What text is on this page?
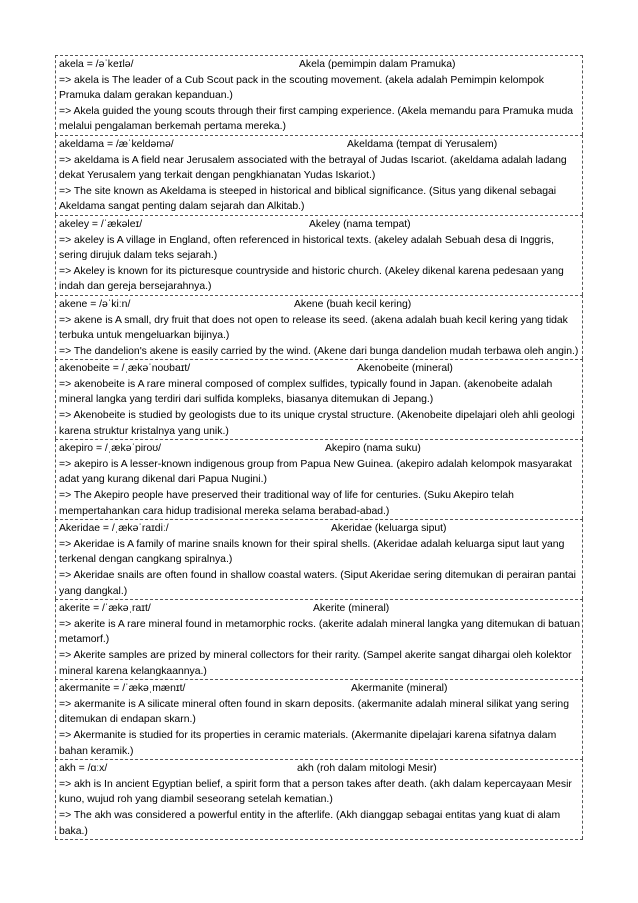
akela = /əˈkeɪlə/	Akela (pemimpin dalam Pramuka)

=> akela is The leader of a Cub Scout pack in the scouting movement. (akela adalah Pemimpin kelompok Pramuka dalam gerakan kepanduan.)

=> Akela guided the young scouts through their first camping experience. (Akela memandu para Pramuka muda melalui pengalaman berkemah pertama mereka.)

akeldama = /æˈkeldəmə/	Akeldama (tempat di Yerusalem)

=> akeldama is A field near Jerusalem associated with the betrayal of Judas Iscariot. (akeldama adalah ladang dekat Yerusalem yang terkait dengan pengkhianatan Yudas Iskariot.)

=> The site known as Akeldama is steeped in historical and biblical significance. (Situs yang dikenal sebagai Akeldama sangat penting dalam sejarah dan Alkitab.)

akeley = /ˈækəleɪ/	Akeley (nama tempat)

=> akeley is A village in England, often referenced in historical texts. (akeley adalah Sebuah desa di Inggris, sering dirujuk dalam teks sejarah.)

=> Akeley is known for its picturesque countryside and historic church. (Akeley dikenal karena pedesaan yang indah dan gereja bersejarahnya.)

akene = /əˈkiːn/	Akene (buah kecil kering)

=> akene is A small, dry fruit that does not open to release its seed. (akena adalah buah kecil kering yang tidak terbuka untuk mengeluarkan bijinya.)

=> The dandelion's akene is easily carried by the wind. (Akene dari bunga dandelion mudah terbawa oleh angin.)

akenobeite = /ˌækəˈnoʊbaɪt/	Akenobeite (mineral)

=> akenobeite is A rare mineral composed of complex sulfides, typically found in Japan. (akenobeite adalah mineral langka yang terdiri dari sulfida kompleks, biasanya ditemukan di Jepang.)

=> Akenobeite is studied by geologists due to its unique crystal structure. (Akenobeite dipelajari oleh ahli geologi karena struktur kristalnya yang unik.)

akepiro = /ˌækəˈpiroʊ/	Akepiro (nama suku)

=> akepiro is A lesser-known indigenous group from Papua New Guinea. (akepiro adalah kelompok masyarakat adat yang kurang dikenal dari Papua Nugini.)

=> The Akepiro people have preserved their traditional way of life for centuries. (Suku Akepiro telah mempertahankan cara hidup tradisional mereka selama berabad-abad.)

Akeridae = /ˌækəˈraɪdiː/	Akeridae (keluarga siput)

=> Akeridae is A family of marine snails known for their spiral shells. (Akeridae adalah keluarga siput laut yang terkenal dengan cangkang spiralnya.)

=> Akeridae snails are often found in shallow coastal waters. (Siput Akeridae sering ditemukan di perairan pantai yang dangkal.)

akerite = /ˈækəˌraɪt/	Akerite (mineral)

=> akerite is A rare mineral found in metamorphic rocks. (akerite adalah mineral langka yang ditemukan di batuan metamorf.)

=> Akerite samples are prized by mineral collectors for their rarity. (Sampel akerite sangat dihargai oleh kolektor mineral karena kelangkaannya.)

akermanite = /ˈækəˌmænɪt/	Akermanite (mineral)

=> akermanite is A silicate mineral often found in skarn deposits. (akermanite adalah mineral silikat yang sering ditemukan di endapan skarn.)

=> Akermanite is studied for its properties in ceramic materials. (Akermanite dipelajari karena sifatnya dalam bahan keramik.)

akh = /ɑːx/	akh (roh dalam mitologi Mesir)

=> akh is In ancient Egyptian belief, a spirit form that a person takes after death. (akh dalam kepercayaan Mesir kuno, wujud roh yang diambil seseorang setelah kematian.)

=> The akh was considered a powerful entity in the afterlife. (Akh dianggap sebagai entitas yang kuat di alam baka.)
